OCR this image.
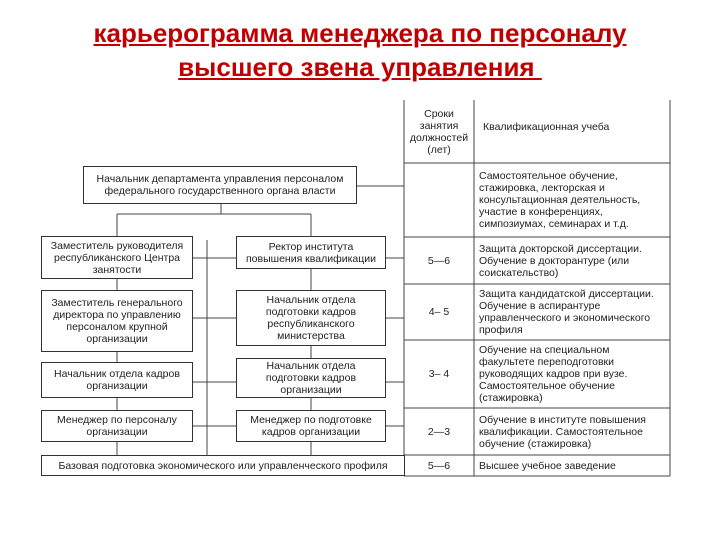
карьерограмма менеджера по персоналу
высшего звена управления
Сроки занятия должностей (лет)
Квалификационная учеба
Начальник департамента управления персоналом федерального государственного органа власти
Заместитель руководителя республиканского Центра занятости
Заместитель генерального директора по управлению персоналом крупной организации
Начальник отдела кадров организации
Менеджер по персоналу организации
Ректор института повышения квалификации
Начальник отдела подготовки кадров республиканского министерства
Начальник отдела подготовки кадров организации
Менеджер по подготовке кадров организации
Базовая подготовка экономического или управленческого профиля
5—6
4– 5
3– 4
2—3
5—6
Самостоятельное обучение, стажировка, лекторская и консультационная деятельность, участие в конференциях, симпозиумах, семинарах и т.д.
Защита докторской диссертации. Обучение в докторантуре (или соискательство)
Защита кандидатской диссертации. Обучение в аспирантуре управленческого и экономического профиля
Обучение на специальном факультете переподготовки руководящих кадров при вузе. Самостоятельное обучение (стажировка)
Обучение в институте повышения квалификации. Самостоятельное обучение (стажировка)
Высшее учебное заведение
